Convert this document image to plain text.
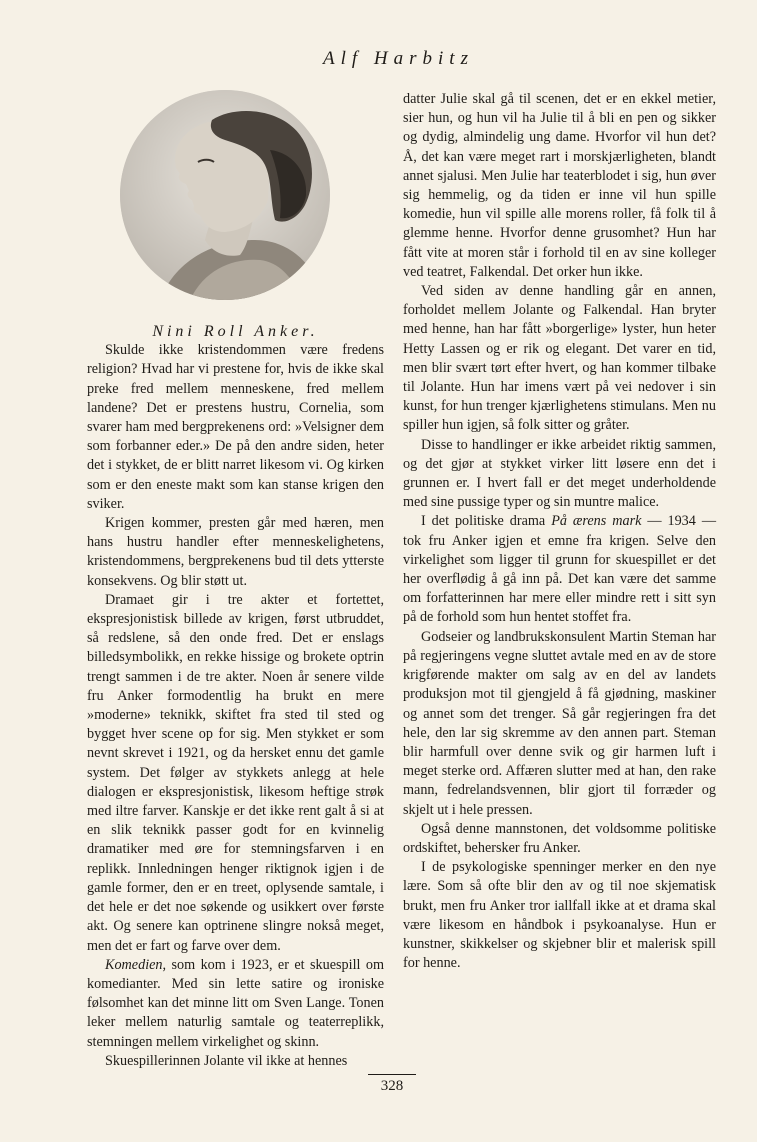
Alf Harbitz

Nini Roll Anker.

Skulde ikke kristendommen være fredens religion? Hvad har vi prestene for, hvis de ikke skal preke fred mellem menneskene, fred mellem landene? Det er prestens hustru, Cornelia, som svarer ham med bergprekenens ord: »Velsigner dem som forbanner eder.» De på den andre siden, heter det i stykket, de er blitt narret likesom vi. Og kirken som er den eneste makt som kan stanse krigen den sviker.

Krigen kommer, presten går med hæren, men hans hustru handler efter menneskelighetens, kristendommens, bergprekenens bud til dets ytterste konsekvens. Og blir støtt ut.

Dramaet gir i tre akter et fortettet, ekspresjonistisk billede av krigen, først utbruddet, så redslene, så den onde fred. Det er enslags billedsymbolikk, en rekke hissige og brokete optrin trengt sammen i de tre akter. Noen år senere vilde fru Anker formodentlig ha brukt en mere »moderne» teknikk, skiftet fra sted til sted og bygget hver scene op for sig. Men stykket er som nevnt skrevet i 1921, og da hersket ennu det gamle system. Det følger av stykkets anlegg at hele dialogen er ekspresjonistisk, likesom heftige strøk med iltre farver. Kanskje er det ikke rent galt å si at en slik teknikk passer godt for en kvinnelig dramatiker med øre for stemningsfarven i en replikk. Innledningen henger riktignok igjen i de gamle former, den er en treet, oplysende samtale, i det hele er det noe søkende og usikkert over første akt. Og senere kan optrinene slingre nokså meget, men det er fart og farve over dem.

Komedien, som kom i 1923, er et skuespill om komedianter. Med sin lette satire og ironiske følsomhet kan det minne litt om Sven Lange. Tonen leker mellem naturlig samtale og teaterreplikk, stemningen mellem virkelighet og skinn.

Skuespillerinnen Jolante vil ikke at hennes

datter Julie skal gå til scenen, det er en ekkel metier, sier hun, og hun vil ha Julie til å bli en pen og sikker og dydig, almindelig ung dame. Hvorfor vil hun det? Å, det kan være meget rart i morskjærligheten, blandt annet sjalusi. Men Julie har teaterblodet i sig, hun øver sig hemmelig, og da tiden er inne vil hun spille komedie, hun vil spille alle morens roller, få folk til å glemme henne. Hvorfor denne grusomhet? Hun har fått vite at moren står i forhold til en av sine kolleger ved teatret, Falkendal. Det orker hun ikke.

Ved siden av denne handling går en annen, forholdet mellem Jolante og Falkendal. Han bryter med henne, han har fått »borgerlige» lyster, hun heter Hetty Lassen og er rik og elegant. Det varer en tid, men blir svært tørt efter hvert, og han kommer tilbake til Jolante. Hun har imens vært på vei nedover i sin kunst, for hun trenger kjærlighetens stimulans. Men nu spiller hun igjen, så folk sitter og gråter.

Disse to handlinger er ikke arbeidet riktig sammen, og det gjør at stykket virker litt løsere enn det i grunnen er. I hvert fall er det meget underholdende med sine pussige typer og sin muntre malice.

I det politiske drama På ærens mark — 1934 — tok fru Anker igjen et emne fra krigen. Selve den virkelighet som ligger til grunn for skuespillet er det her overflødig å gå inn på. Det kan være det samme om forfatterinnen har mere eller mindre rett i sitt syn på de forhold som hun hentet stoffet fra.

Godseier og landbrukskonsulent Martin Steman har på regjeringens vegne sluttet avtale med en av de store krigførende makter om salg av en del av landets produksjon mot til gjengjeld å få gjødning, maskiner og annet som det trenger. Så går regjeringen fra det hele, den lar sig skremme av den annen part. Steman blir harmfull over denne svik og gir harmen luft i meget sterke ord. Affæren slutter med at han, den rake mann, fedrelandsvennen, blir gjort til forræder og skjelt ut i hele pressen.

Også denne mannstonen, det voldsomme politiske ordskiftet, behersker fru Anker.

I de psykologiske spenninger merker en den nye lære. Som så ofte blir den av og til noe skjematisk brukt, men fru Anker tror iallfall ikke at et drama skal være likesom en håndbok i psykoanalyse. Hun er kunstner, skikkelser og skjebner blir et malerisk spill for henne.

328
